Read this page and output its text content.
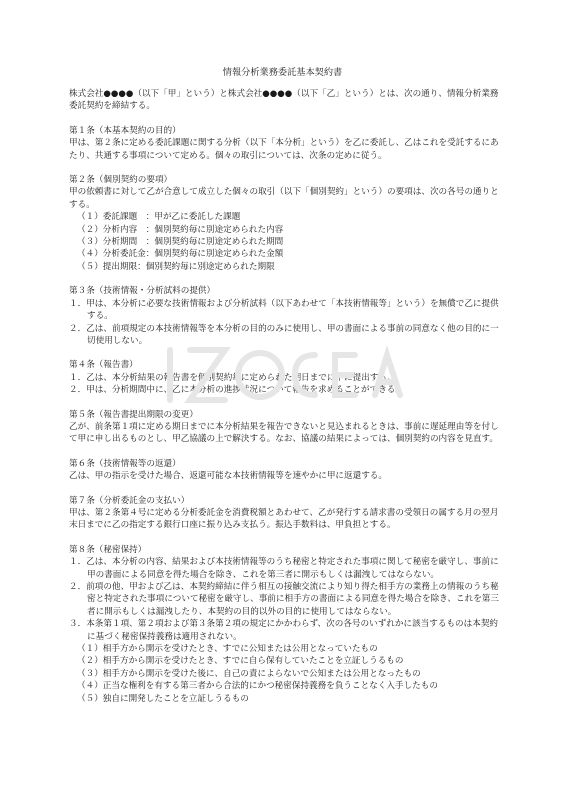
情報分析業務委託基本契約書

株式会社●●●●（以下「甲」という）と株式会社●●●●（以下「乙」という）とは、次の通り、情報分析業務委託契約を締結する。

第１条（本基本契約の目的）

甲は、第２条に定める委託課題に関する分析（以下「本分析」という）を乙に委託し、乙はこれを受託するにあたり、共通する事項について定める。個々の取引については、次条の定めに従う。

第２条（個別契約の要項）

甲の依頼書に対して乙が合意して成立した個々の取引（以下「個別契約」という）の要項は、次の各号の通りとする。

（１）委託課題　：甲が乙に委託した課題

（２）分析内容　：個別契約毎に別途定められた内容

（３）分析期間　：個別契約毎に別途定められた期間

（４）分析委託金：個別契約毎に別途定められた金額

（５）提出期限：個別契約毎に別途定められた期限

第３条（技術情報・分析試料の提供）

１．甲は、本分析に必要な技術情報および分析試料（以下あわせて「本技術情報等」という）を無償で乙に提供する。

２．乙は、前項規定の本技術情報等を本分析の目的のみに使用し、甲の書面による事前の同意なく他の目的に一切使用しない。

第４条（報告書）

１．乙は、本分析結果の報告書を個別契約毎に定められた期日までに甲に提出する。

２．甲は、分析期間中に、乙に本分析の進捗状況について報告を求めることができる。

第５条（報告書提出期限の変更）

乙が、前条第１項に定める期日までに本分析結果を報告できないと見込まれるときは、事前に遅延理由等を付して甲に申し出るものとし、甲乙協議の上で解決する。なお、協議の結果によっては、個別契約の内容を見直す。

第６条（技術情報等の返還）

乙は、甲の指示を受けた場合、返還可能な本技術情報等を速やかに甲に返還する。

第７条（分析委託金の支払い）

甲は、第２条第４号に定める分析委託金を消費税額とあわせて、乙が発行する請求書の受領日の属する月の翌月末日までに乙の指定する銀行口座に振り込み支払う。振込手数料は、甲負担とする。

第８条（秘密保持）

１．乙は、本分析の内容、結果および本技術情報等のうち秘密と特定された事項に関して秘密を厳守し、事前に甲の書面による同意を得た場合を除き、これを第三者に開示もしくは漏洩してはならない。

２．前項の他、甲および乙は、本契約締結に伴う相互の接触交流により知り得た相手方の業務上の情報のうち秘密と特定された事項について秘密を厳守し、事前に相手方の書面による同意を得た場合を除き、これを第三者に開示もしくは漏洩したり、本契約の目的以外の目的に使用してはならない。

３．本条第１項、第２項および第３条第２項の規定にかかわらず、次の各号のいずれかに該当するものは本契約に基づく秘密保持義務は適用されない。

（１）相手方から開示を受けたとき、すでに公知または公用となっていたもの

（２）相手方から開示を受けたとき、すでに自ら保有していたことを立証しうるもの

（３）相手方から開示を受けた後に、自己の責によらないで公知または公用となったもの

（４）正当な権利を有する第三者から合法的にかつ秘密保持義務を負うことなく入手したもの

（５）独自に開発したことを立証しうるもの
